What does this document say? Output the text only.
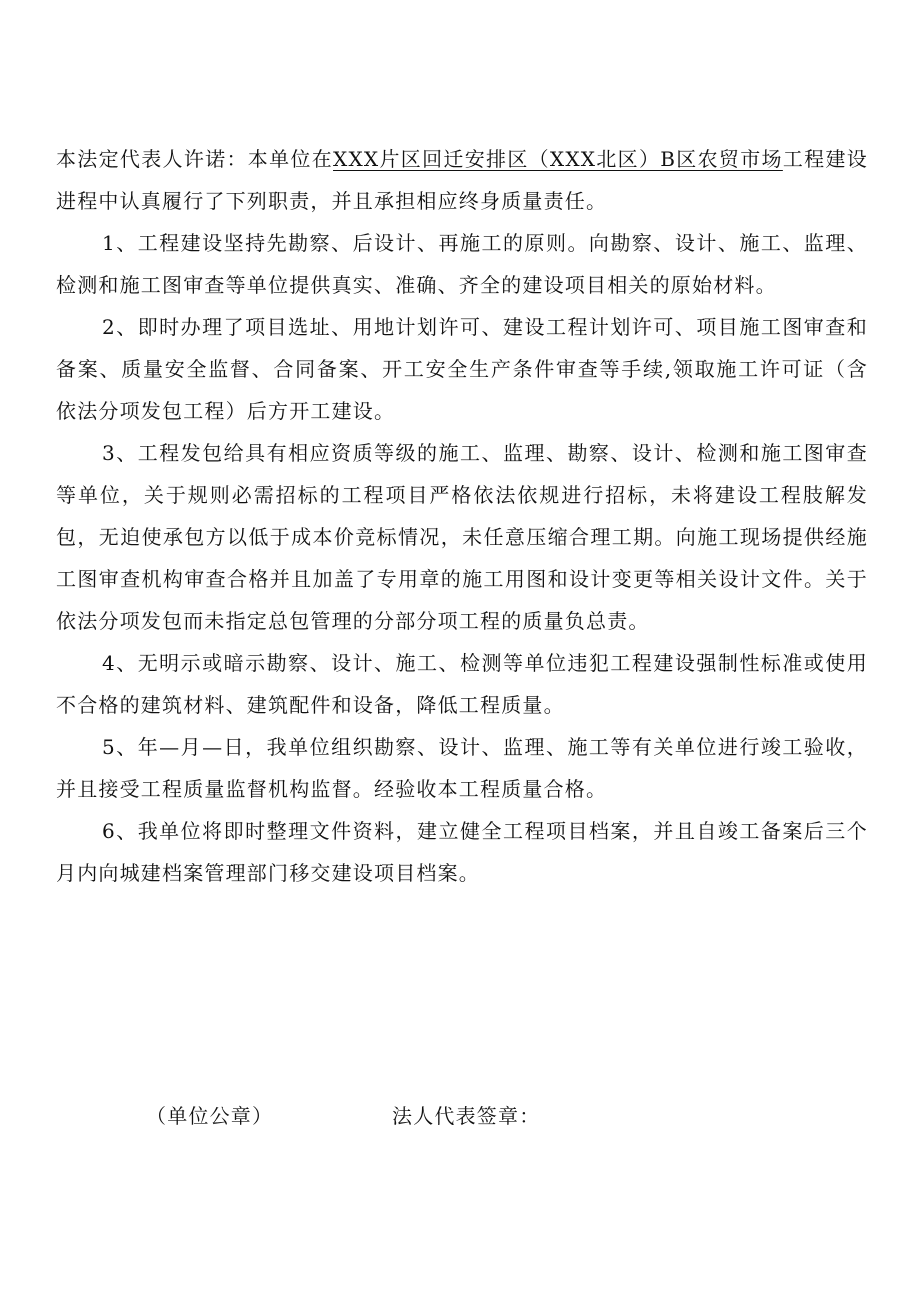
本法定代表人许诺：本单位在XXX片区回迁安排区（XXX北区）B区农贸市场工程建设进程中认真履行了下列职责，并且承担相应终身质量责任。

1、工程建设坚持先勘察、后设计、再施工的原则。向勘察、设计、施工、监理、检测和施工图审查等单位提供真实、准确、齐全的建设项目相关的原始材料。

2、即时办理了项目选址、用地计划许可、建设工程计划许可、项目施工图审查和备案、质量安全监督、合同备案、开工安全生产条件审查等手续,领取施工许可证（含依法分项发包工程）后方开工建设。

3、工程发包给具有相应资质等级的施工、监理、勘察、设计、检测和施工图审查等单位，关于规则必需招标的工程项目严格依法依规进行招标，未将建设工程肢解发包，无迫使承包方以低于成本价竞标情况，未任意压缩合理工期。向施工现场提供经施工图审查机构审查合格并且加盖了专用章的施工用图和设计变更等相关设计文件。关于依法分项发包而未指定总包管理的分部分项工程的质量负总责。

4、无明示或暗示勘察、设计、施工、检测等单位违犯工程建设强制性标准或使用不合格的建筑材料、建筑配件和设备，降低工程质量。

5、年—月—日，我单位组织勘察、设计、监理、施工等有关单位进行竣工验收，并且接受工程质量监督机构监督。经验收本工程质量合格。

6、我单位将即时整理文件资料，建立健全工程项目档案，并且自竣工备案后三个月内向城建档案管理部门移交建设项目档案。

（单位公章）	法人代表签章：
